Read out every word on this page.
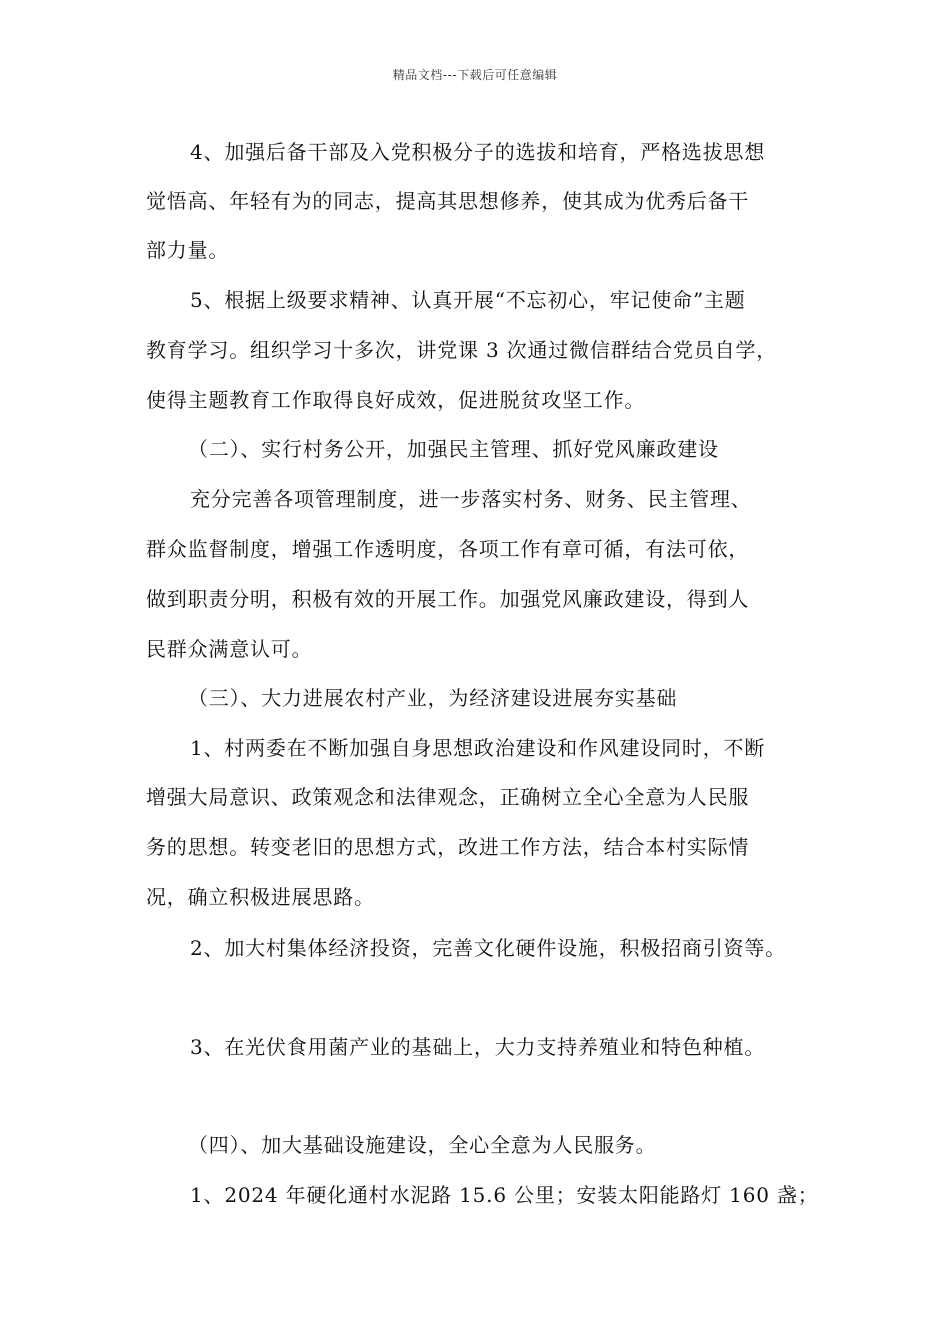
精品文档---下载后可任意编辑
4、加强后备干部及入党积极分子的选拔和培育，严格选拔思想
觉悟高、年轻有为的同志，提高其思想修养，使其成为优秀后备干
部力量。
5、根据上级要求精神、认真开展“不忘初心，牢记使命”主题
教育学习。组织学习十多次，讲党课 3 次通过微信群结合党员自学，
使得主题教育工作取得良好成效，促进脱贫攻坚工作。
（二）、实行村务公开，加强民主管理、抓好党风廉政建设
充分完善各项管理制度，进一步落实村务、财务、民主管理、
群众监督制度，增强工作透明度，各项工作有章可循，有法可依，
做到职责分明，积极有效的开展工作。加强党风廉政建设，得到人
民群众满意认可。
（三）、大力进展农村产业，为经济建设进展夯实基础
1、村两委在不断加强自身思想政治建设和作风建设同时，不断
增强大局意识、政策观念和法律观念，正确树立全心全意为人民服
务的思想。转变老旧的思想方式，改进工作方法，结合本村实际情
况，确立积极进展思路。
2、加大村集体经济投资，完善文化硬件设施，积极招商引资等。
3、在光伏食用菌产业的基础上，大力支持养殖业和特色种植。
（四）、加大基础设施建设，全心全意为人民服务。
1、2024 年硬化通村水泥路 15.6 公里；安装太阳能路灯 160 盏；
